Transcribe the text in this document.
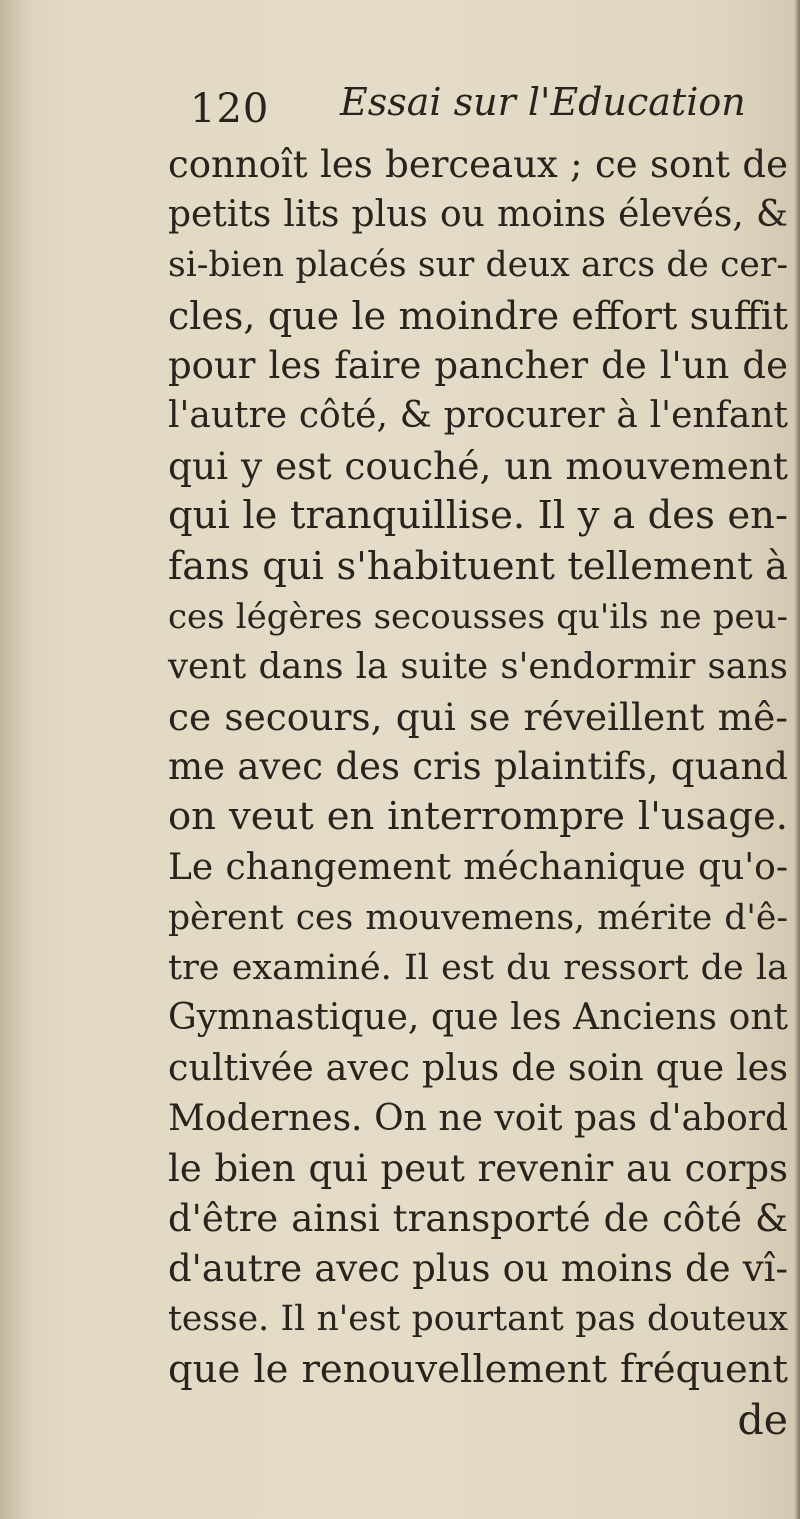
120 Essai sur l'Education
connoît les berceaux ; ce sont de
petits lits plus ou moins élevés, &
si-bien placés sur deux arcs de cer-
cles, que le moindre effort suffit
pour les faire pancher de l'un de
l'autre côté, & procurer à l'enfant
qui y est couché, un mouvement
qui le tranquillise. Il y a des en-
fans qui s'habituent tellement à
ces légères secousses qu'ils ne peu-
vent dans la suite s'endormir sans
ce secours, qui se réveillent mê-
me avec des cris plaintifs, quand
on veut en interrompre l'usage.
Le changement méchanique qu'o-
pèrent ces mouvemens, mérite d'ê-
tre examiné. Il est du ressort de la
Gymnastique, que les Anciens ont
cultivée avec plus de soin que les
Modernes. On ne voit pas d'abord
le bien qui peut revenir au corps
d'être ainsi transporté de côté &
d'autre avec plus ou moins de vî-
tesse. Il n'est pourtant pas douteux
que le renouvellement fréquent
de
